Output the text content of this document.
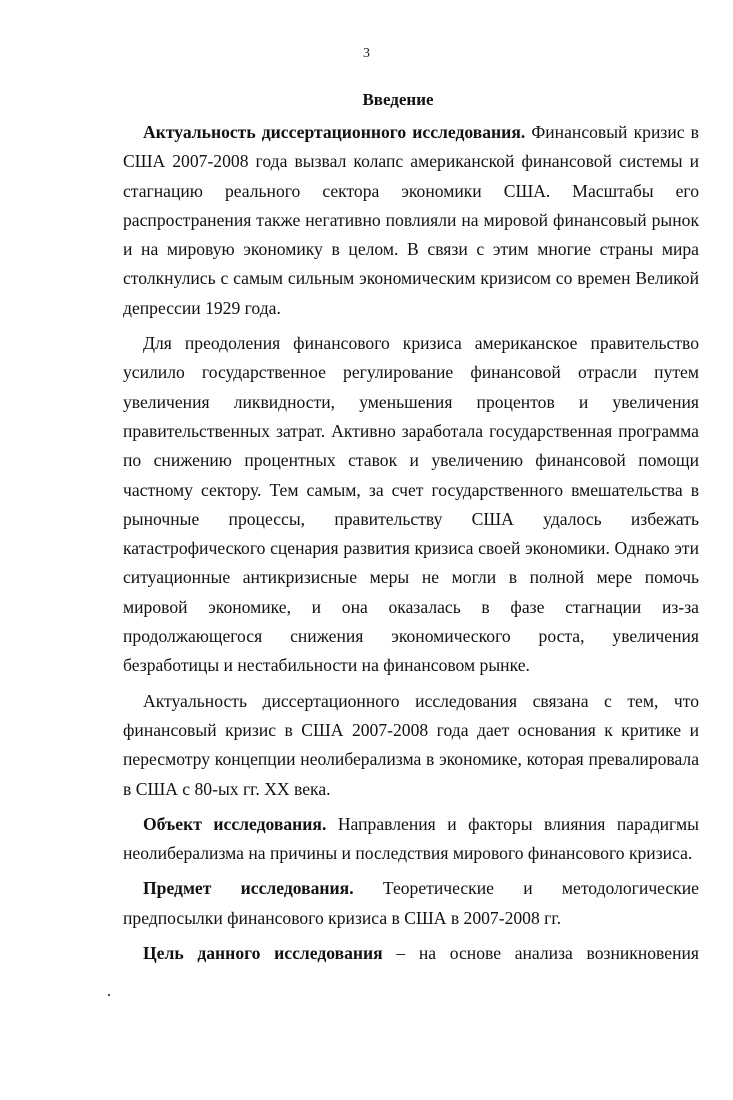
3
Введение

Актуальность диссертационного исследования. Финансовый кризис в США 2007-2008 года вызвал колапс американской финансовой системы и стагнацию реального сектора экономики США. Масштабы его распространения также негативно повлияли на мировой финансовый рынок и на мировую экономику в целом. В связи с этим многие страны мира столкнулись с самым сильным экономическим кризисом со времен Великой депрессии 1929 года.

Для преодоления финансового кризиса американское правительство усилило государственное регулирование финансовой отрасли путем увеличения ликвидности, уменьшения процентов и увеличения правительственных затрат. Активно заработала государственная программа по снижению процентных ставок и увеличению финансовой помощи частному сектору. Тем самым, за счет государственного вмешательства в рыночные процессы, правительству США удалось избежать катастрофического сценария развития кризиса своей экономики. Однако эти ситуационные антикризисные меры не могли в полной мере помочь мировой экономике, и она оказалась в фазе стагнации из-за продолжающегося снижения экономического роста, увеличения безработицы и нестабильности на финансовом рынке.

Актуальность диссертационного исследования связана с тем, что финансовый кризис в США 2007-2008 года дает основания к критике и пересмотру концепции неолиберализма в экономике, которая превалировала в США с 80-ых гг. XX века.

Объект исследования. Направления и факторы влияния парадигмы неолиберализма на причины и последствия мирового финансового кризиса.

Предмет исследования. Теоретические и методологические предпосылки финансового кризиса в США в 2007-2008 гг.

Цель данного исследования – на основе анализа возникновения
